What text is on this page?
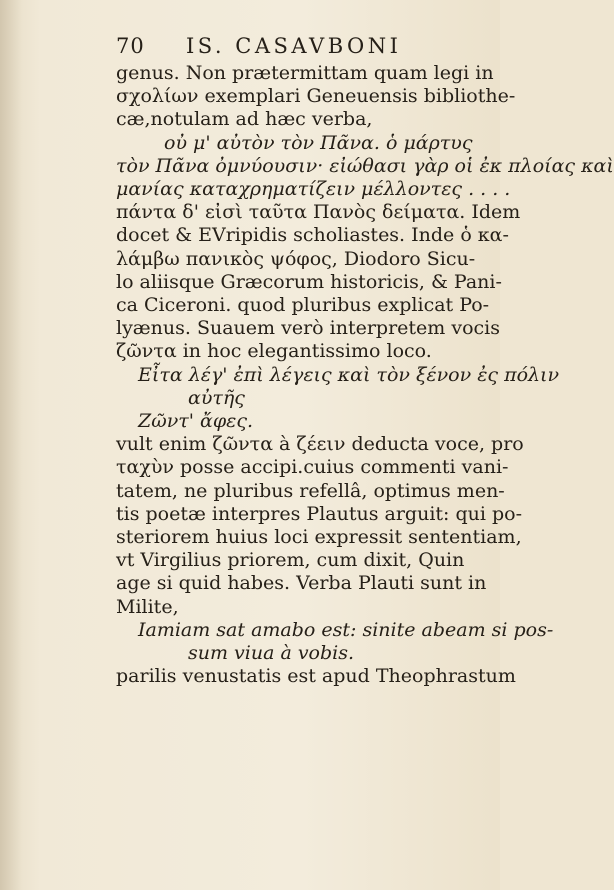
70 IS. CASAVBONI
genus. Non prætermittam quam legi in
σχολίων exemplari Geneuensis bibliothe-
cæ,notulam ad hæc verba,
οὐ μ' αὐτὸν τὸν Πᾶνα. ὁ μάρτυς
τὸν Πᾶνα ὀμνύουσιν· εἰώθασι γὰρ οἱ ἐκ πλοίας καὶ
μανίας καταχρηματίζειν μέλλοντες . . . .
πάντα δ' εἰσὶ ταῦτα Πανὸς δείματα. Idem
docet & EVripidis scholiastes. Inde ὁ κα-
λάμβω πανικὸς ψόφος, Diodoro Sicu-
lo aliisque Græcorum historicis, & Pani-
ca Ciceroni. quod pluribus explicat Po-
lyænus. Suauem verò interpretem vocis
ζῶντα in hoc elegantissimo loco.
Εἶτα λέγ' ἐπὶ λέγεις καὶ τὸν ξένον ἐς πόλιν
αὐτῆς
Ζῶντ' ἄφες.
vult enim ζῶντα à ζέειν deducta voce, pro
ταχὺν posse accipi.cuius commenti vani-
tatem, ne pluribus refellâ, optimus men-
tis poetæ interpres Plautus arguit: qui po-
steriorem huius loci expressit sententiam,
vt Virgilius priorem, cum dixit, Quin
age si quid habes. Verba Plauti sunt in
Milite,
Iamiam sat amabo est: sinite abeam si pos-
sum viua à vobis.
parilis venustatis est apud Theophrastum
